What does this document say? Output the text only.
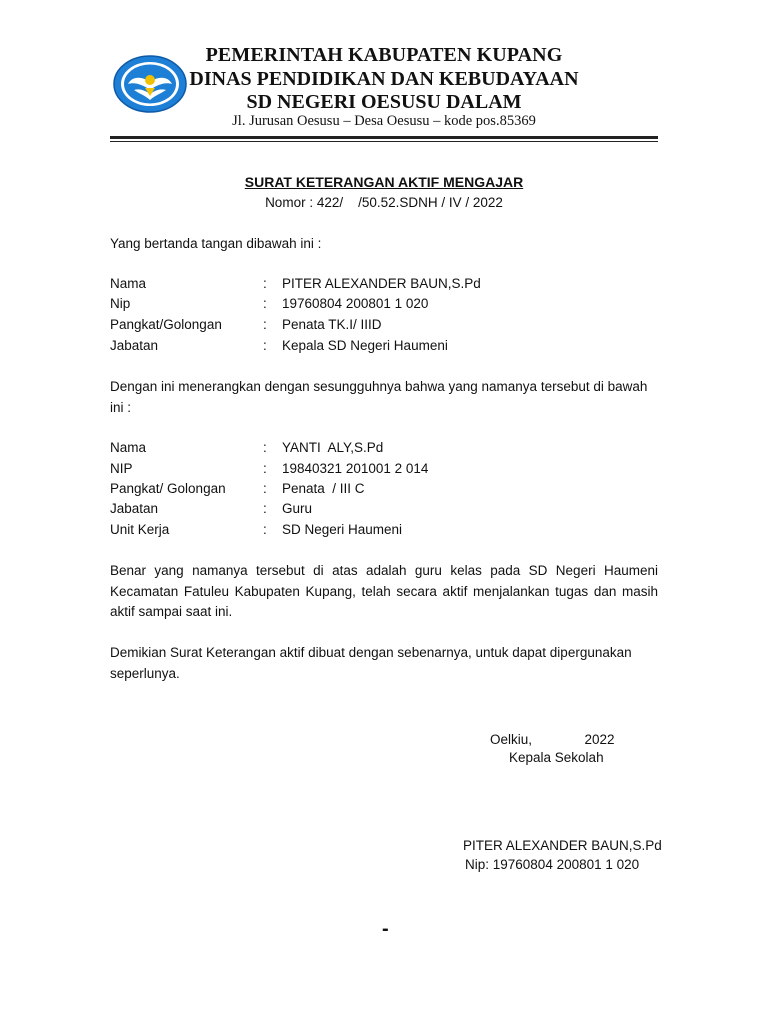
PEMERINTAH KABUPATEN KUPANG
DINAS PENDIDIKAN DAN KEBUDAYAAN
SD NEGERI OESUSU DALAM
Jl. Jurusan Oesusu – Desa Oesusu – kode pos.85369
SURAT KETERANGAN AKTIF MENGAJAR
Nomor : 422/    /50.52.SDNH / IV / 2022
Yang bertanda tangan dibawah ini :
Nama	: PITER ALEXANDER BAUN,S.Pd
Nip	: 19760804 200801 1 020
Pangkat/Golongan	: Penata TK.I/ IIID
Jabatan	: Kepala SD Negeri Haumeni
Dengan ini menerangkan dengan sesungguhnya bahwa yang namanya tersebut di bawah ini :
Nama	: YANTI  ALY,S.Pd
NIP	: 19840321 201001 2 014
Pangkat/ Golongan	: Penata  / III C
Jabatan	: Guru
Unit Kerja	: SD Negeri Haumeni
Benar yang namanya tersebut di atas adalah guru kelas pada SD Negeri Haumeni Kecamatan Fatuleu Kabupaten Kupang, telah secara aktif menjalankan tugas dan masih aktif sampai saat ini.
Demikian Surat Keterangan aktif dibuat dengan sebenarnya, untuk dapat dipergunakan seperlunya.
Oelkiu,              2022
Kepala Sekolah
PITER ALEXANDER BAUN,S.Pd
Nip: 19760804 200801 1 020
-
